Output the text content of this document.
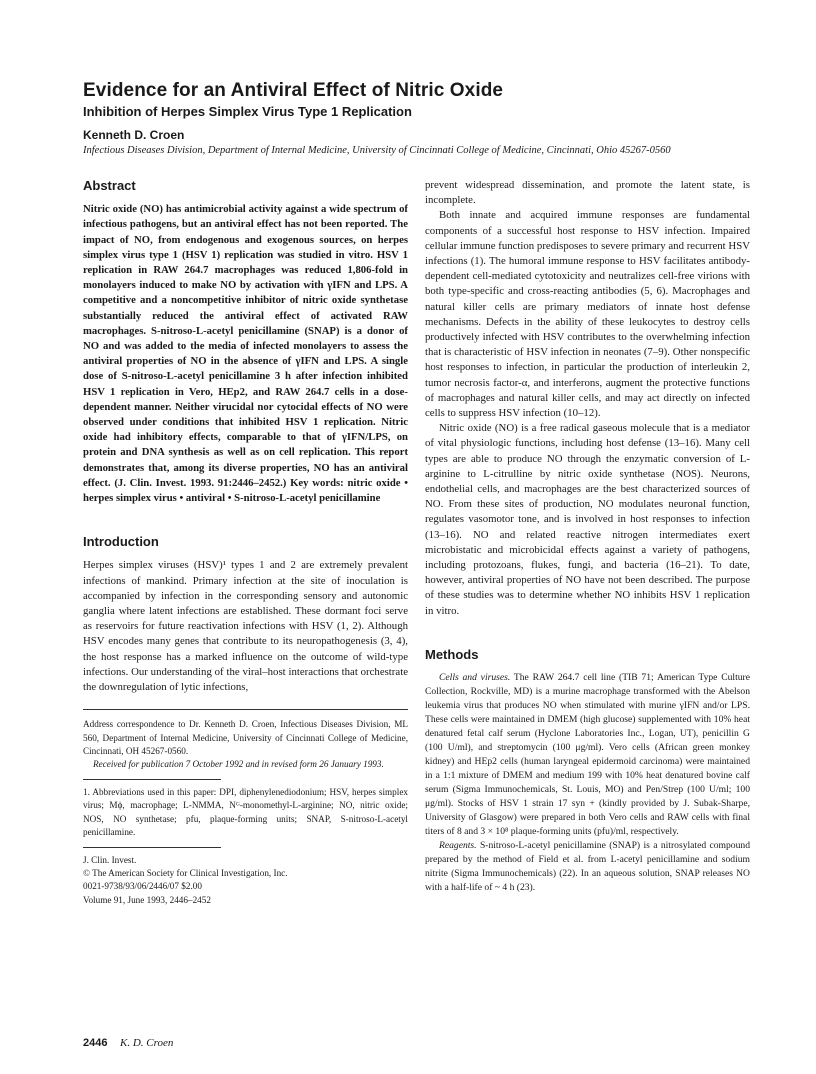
Evidence for an Antiviral Effect of Nitric Oxide
Inhibition of Herpes Simplex Virus Type 1 Replication
Kenneth D. Croen
Infectious Diseases Division, Department of Internal Medicine, University of Cincinnati College of Medicine, Cincinnati, Ohio 45267-0560
Abstract

Nitric oxide (NO) has antimicrobial activity against a wide spectrum of infectious pathogens, but an antiviral effect has not been reported. The impact of NO, from endogenous and exogenous sources, on herpes simplex virus type 1 (HSV 1) replication was studied in vitro. HSV 1 replication in RAW 264.7 macrophages was reduced 1,806-fold in monolayers induced to make NO by activation with γIFN and LPS. A competitive and a noncompetitive inhibitor of nitric oxide synthetase substantially reduced the antiviral effect of activated RAW macrophages. S-nitroso-L-acetyl penicillamine (SNAP) is a donor of NO and was added to the media of infected monolayers to assess the antiviral properties of NO in the absence of γIFN and LPS. A single dose of S-nitroso-L-acetyl penicillamine 3 h after infection inhibited HSV 1 replication in Vero, HEp2, and RAW 264.7 cells in a dose-dependent manner. Neither virucidal nor cytocidal effects of NO were observed under conditions that inhibited HSV 1 replication. Nitric oxide had inhibitory effects, comparable to that of γIFN/LPS, on protein and DNA synthesis as well as on cell replication. This report demonstrates that, among its diverse properties, NO has an antiviral effect. (J. Clin. Invest. 1993. 91:2446–2452.) Key words: nitric oxide • herpes simplex virus • antiviral • S-nitroso-L-acetyl penicillamine

Introduction

Herpes simplex viruses (HSV)¹ types 1 and 2 are extremely prevalent infections of mankind. Primary infection at the site of inoculation is accompanied by infection in the corresponding sensory and autonomic ganglia where latent infections are established. These dormant foci serve as reservoirs for future reactivation infections with HSV (1, 2). Although HSV encodes many genes that contribute to its neuropathogenesis (3, 4), the host response has a marked influence on the outcome of wild-type infections. Our understanding of the viral–host interactions that orchestrate the downregulation of lytic infections,

Address correspondence to Dr. Kenneth D. Croen, Infectious Diseases Division, ML 560, Department of Internal Medicine, University of Cincinnati College of Medicine, Cincinnati, OH 45267-0560.

Received for publication 7 October 1992 and in revised form 26 January 1993.

1. Abbreviations used in this paper: DPI, diphenylenediodonium; HSV, herpes simplex virus; Mϕ, macrophage; L-NMMA, Nᴳ-monomethyl-L-arginine; NO, nitric oxide; NOS, NO synthetase; pfu, plaque-forming units; SNAP, S-nitroso-L-acetyl penicillamine.

J. Clin. Invest.
© The American Society for Clinical Investigation, Inc.
0021-9738/93/06/2446/07 $2.00
Volume 91, June 1993, 2446–2452

prevent widespread dissemination, and promote the latent state, is incomplete.

Both innate and acquired immune responses are fundamental components of a successful host response to HSV infection. Impaired cellular immune function predisposes to severe primary and recurrent HSV infections (1). The humoral immune response to HSV facilitates antibody-dependent cell-mediated cytotoxicity and neutralizes cell-free virions with both type-specific and cross-reacting antibodies (5, 6). Macrophages and natural killer cells are primary mediators of innate host defense mechanisms. Defects in the ability of these leukocytes to destroy cells productively infected with HSV contributes to the overwhelming infection that is characteristic of HSV infection in neonates (7–9). Other nonspecific host responses to infection, in particular the production of interleukin 2, tumor necrosis factor-α, and interferons, augment the protective functions of macrophages and natural killer cells, and may act directly on infected cells to suppress HSV infection (10–12).

Nitric oxide (NO) is a free radical gaseous molecule that is a mediator of vital physiologic functions, including host defense (13–16). Many cell types are able to produce NO through the enzymatic conversion of L-arginine to L-citrulline by nitric oxide synthetase (NOS). Neurons, endothelial cells, and macrophages are the best characterized sources of NO. From these sites of production, NO modulates neuronal function, regulates vasomotor tone, and is involved in host responses to infection (13–16). NO and related reactive nitrogen intermediates exert microbistatic and microbicidal effects against a variety of pathogens, including protozoans, flukes, fungi, and bacteria (16–21). To date, however, antiviral properties of NO have not been described. The purpose of these studies was to determine whether NO inhibits HSV 1 replication in vitro.

Methods

Cells and viruses. The RAW 264.7 cell line (TIB 71; American Type Culture Collection, Rockville, MD) is a murine macrophage transformed with the Abelson leukemia virus that produces NO when stimulated with murine γIFN and/or LPS. These cells were maintained in DMEM (high glucose) supplemented with 10% heat denatured fetal calf serum (Hyclone Laboratories Inc., Logan, UT), penicillin G (100 U/ml), and streptomycin (100 μg/ml). Vero cells (African green monkey kidney) and HEp2 cells (human laryngeal epidermoid carcinoma) were maintained in a 1:1 mixture of DMEM and medium 199 with 10% heat denatured bovine calf serum (Sigma Immunochemicals, St. Louis, MO) and Pen/Strep (100 U/ml; 100 μg/ml). Stocks of HSV 1 strain 17 syn + (kindly provided by J. Subak-Sharpe, University of Glasgow) were prepared in both Vero cells and RAW cells with final titers of 8 and 3 × 10⁸ plaque-forming units (pfu)/ml, respectively.

Reagents. S-nitroso-L-acetyl penicillamine (SNAP) is a nitrosylated compound prepared by the method of Field et al. from L-acetyl penicillamine and sodium nitrite (Sigma Immunochemicals) (22). In an aqueous solution, SNAP releases NO with a half-life of ~ 4 h (23).

2446 K. D. Croen
